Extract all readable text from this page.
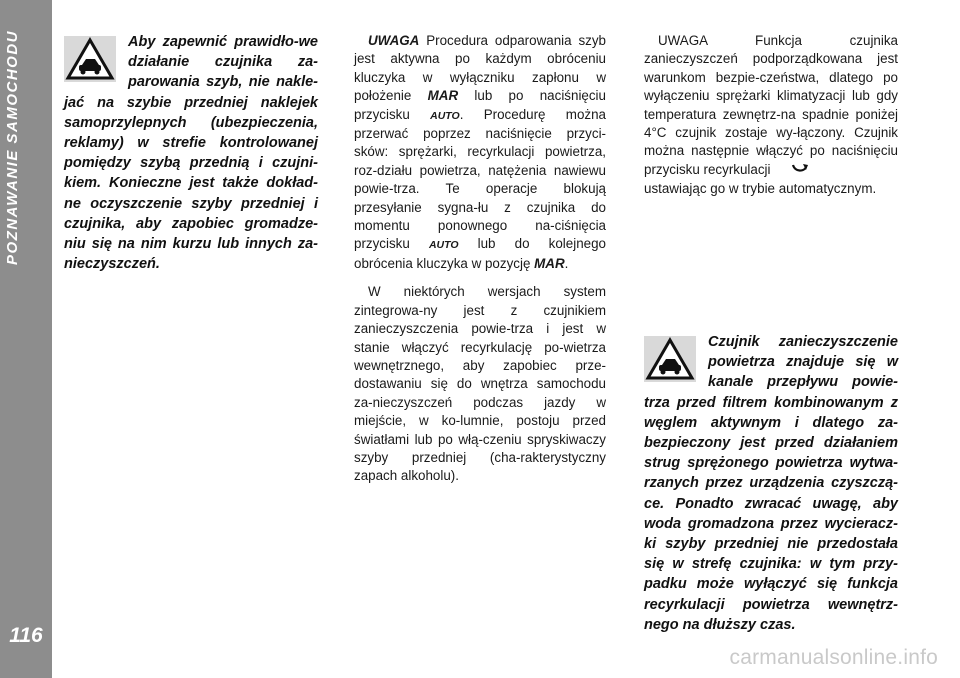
POZNAWANIE SAMOCHODU
116

Aby zapewnić prawidło-we działanie czujnika za-parowania szyb, nie nakle-jać na szybie przedniej naklejek samoprzylepnych (ubezpieczenia, reklamy) w strefie kontrolowanej pomiędzy szybą przednią i czujni-kiem. Konieczne jest także dokład-ne oczyszczenie szyby przedniej i czujnika, aby zapobiec gromadze-niu się na nim kurzu lub innych za-nieczyszczeń.

UWAGA Procedura odparowania szyb jest aktywna po każdym obróceniu kluczyka w wyłączniku zapłonu w położenie MAR lub po naciśnięciu przycisku AUTO. Procedurę można przerwać poprzez naciśnięcie przyci-sków: sprężarki, recyrkulacji powietrza, roz-działu powietrza, natężenia nawiewu powie-trza. Te operacje blokują przesyłanie sygna-łu z czujnika do momentu ponownego na-ciśnięcia przycisku AUTO lub do kolejnego obrócenia kluczyka w pozycję MAR.

W niektórych wersjach system zintegrowa-ny jest z czujnikiem zanieczyszczenia powie-trza i jest w stanie włączyć recyrkulację po-wietrza wewnętrznego, aby zapobiec prze-dostawaniu się do wnętrza samochodu za-nieczyszczeń podczas jazdy w miejście, w ko-lumnie, postoju przed światłami lub po włą-czeniu spryskiwaczy szyby przedniej (cha-rakterystyczny zapach alkoholu).

UWAGA Funkcja czujnika zanieczyszczeń podporządkowana jest warunkom bezpie-czeństwa, dlatego po wyłączeniu sprężarki klimatyzacji lub gdy temperatura zewnętrz-na spadnie poniżej 4°C czujnik zostaje wy-łączony. Czujnik można następnie włączyć po naciśnięciu przycisku recyrkulacji
ustawiając go w trybie automatycznym.

Czujnik zanieczyszczenie powietrza znajduje się w kanale przepływu powie-trza przed filtrem kombinowanym z węglem aktywnym i dlatego za-bezpieczony jest przed działaniem strug sprężonego powietrza wytwa-rzanych przez urządzenia czyszczą-ce. Ponadto zwracać uwagę, aby woda gromadzona przez wycieracz-ki szyby przedniej nie przedostała się w strefę czujnika: w tym przy-padku może wyłączyć się funkcja recyrkulacji powietrza wewnętrz-nego na dłuższy czas.

carmanualsonline.info
